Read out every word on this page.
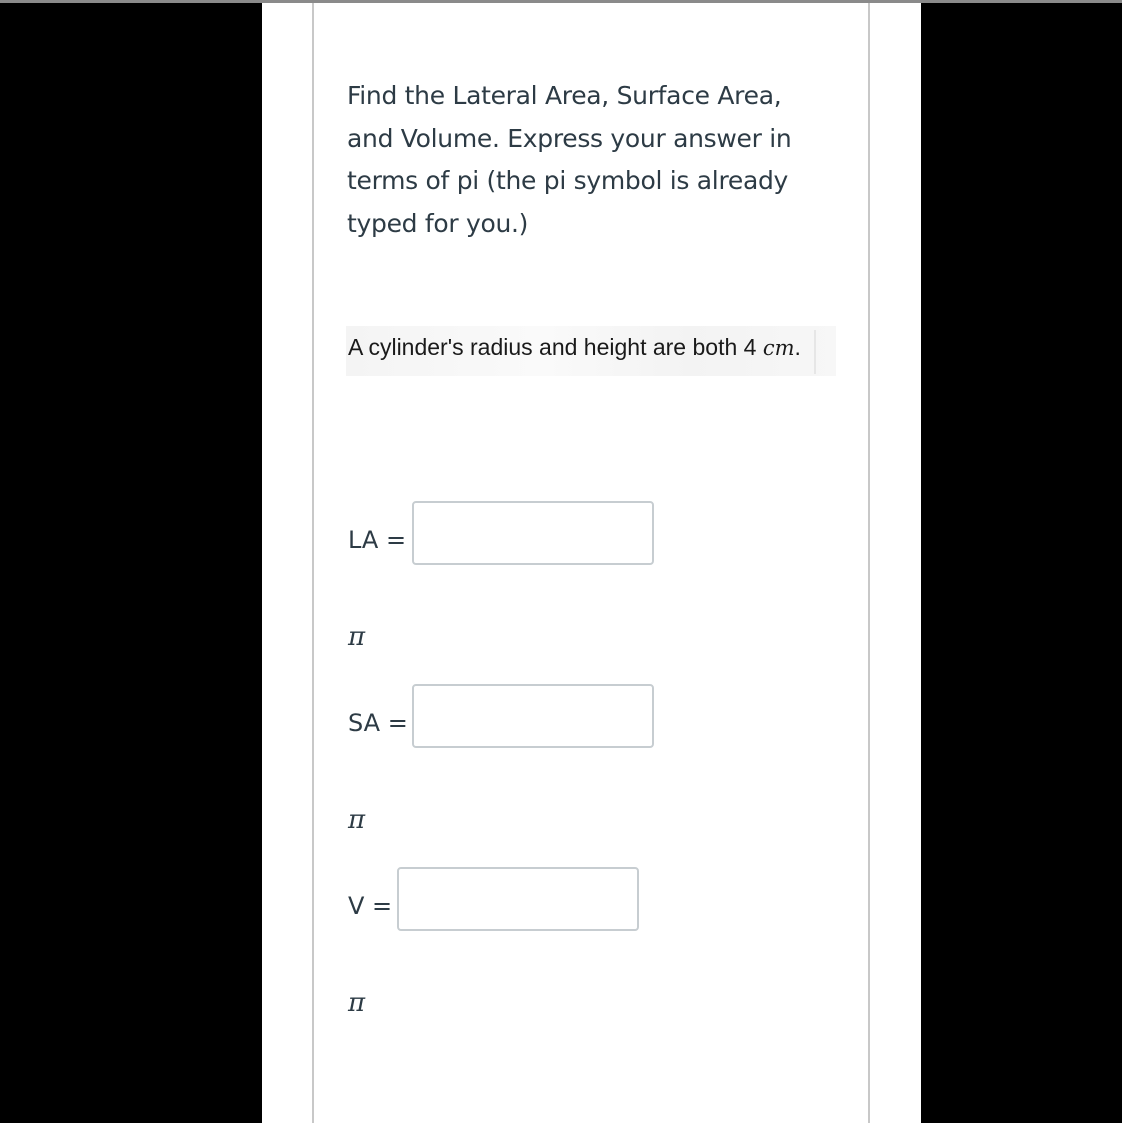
Find the Lateral Area, Surface Area, and Volume. Express your answer in terms of pi (the pi symbol is already typed for you.)

A cylinder's radius and height are both 4 cm.
LA =
π
SA =
π
V =
π
